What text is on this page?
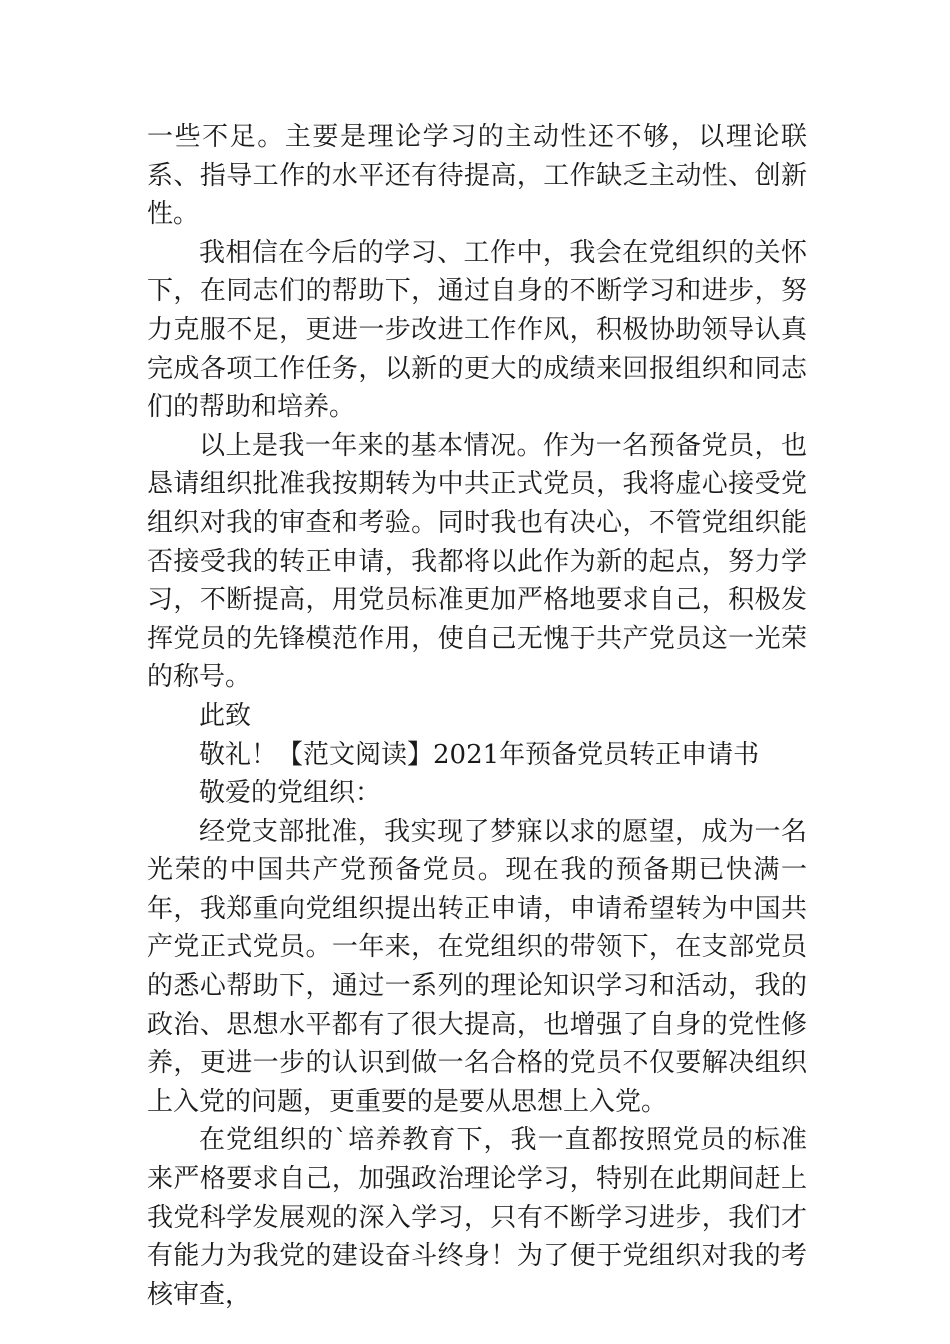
一些不足。主要是理论学习的主动性还不够，以理论联系、指导工作的水平还有待提高，工作缺乏主动性、创新性。

我相信在今后的学习、工作中，我会在党组织的关怀下，在同志们的帮助下，通过自身的不断学习和进步，努力克服不足，更进一步改进工作作风，积极协助领导认真完成各项工作任务，以新的更大的成绩来回报组织和同志们的帮助和培养。

以上是我一年来的基本情况。作为一名预备党员，也恳请组织批准我按期转为中共正式党员，我将虚心接受党组织对我的审查和考验。同时我也有决心，不管党组织能否接受我的转正申请，我都将以此作为新的起点，努力学习，不断提高，用党员标准更加严格地要求自己，积极发挥党员的先锋模范作用，使自己无愧于共产党员这一光荣的称号。

此致

敬礼！【范文阅读】2021年预备党员转正申请书

敬爱的党组织：

经党支部批准，我实现了梦寐以求的愿望，成为一名光荣的中国共产党预备党员。现在我的预备期已快满一年，我郑重向党组织提出转正申请，申请希望转为中国共产党正式党员。一年来，在党组织的带领下，在支部党员的悉心帮助下，通过一系列的理论知识学习和活动，我的政治、思想水平都有了很大提高，也增强了自身的党性修养，更进一步的认识到做一名合格的党员不仅要解决组织上入党的问题，更重要的是要从思想上入党。

在党组织的`培养教育下，我一直都按照党员的标准来严格要求自己，加强政治理论学习，特别在此期间赶上我党科学发展观的深入学习，只有不断学习进步，我们才有能力为我党的建设奋斗终身！为了便于党组织对我的考核审查，
